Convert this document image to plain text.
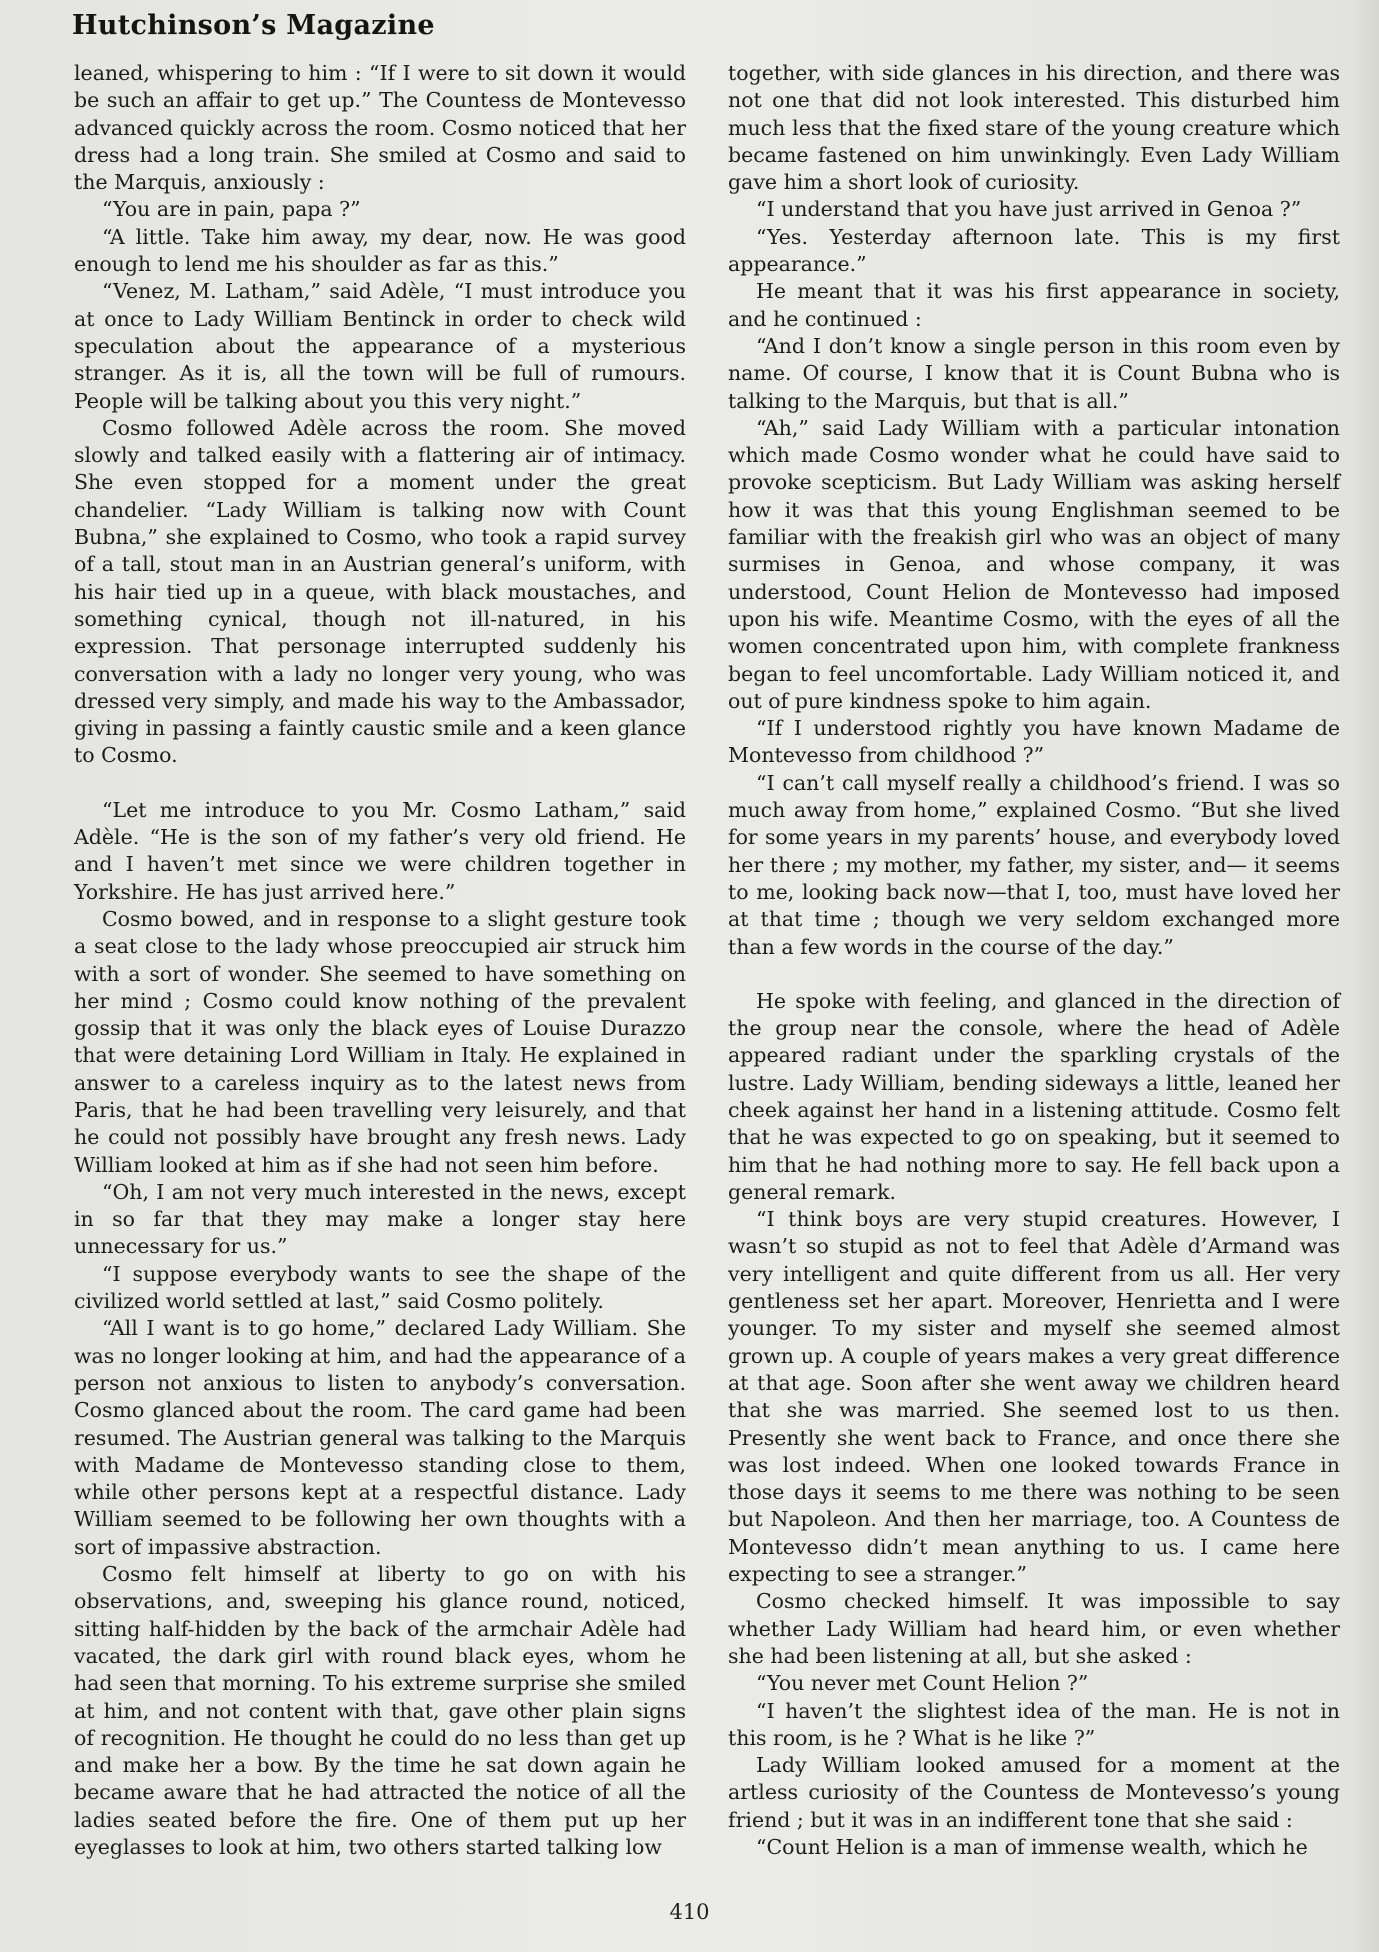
Hutchinson’s Magazine

leaned, whispering to him : “If I were to sit down it would be such an affair to get up.” The Countess de Montevesso advanced quickly across the room. Cosmo noticed that her dress had a long train. She smiled at Cosmo and said to the Marquis, anxiously :

“You are in pain, papa ?”

“A little. Take him away, my dear, now. He was good enough to lend me his shoulder as far as this.”

“Venez, M. Latham,” said Adèle, “I must introduce you at once to Lady William Bentinck in order to check wild speculation about the appearance of a mysterious stranger. As it is, all the town will be full of rumours. People will be talking about you this very night.”

Cosmo followed Adèle across the room. She moved slowly and talked easily with a flattering air of intimacy. She even stopped for a moment under the great chandelier. “Lady William is talking now with Count Bubna,” she explained to Cosmo, who took a rapid survey of a tall, stout man in an Austrian general’s uniform, with his hair tied up in a queue, with black moustaches, and something cynical, though not ill-natured, in his expression. That personage interrupted suddenly his conversation with a lady no longer very young, who was dressed very simply, and made his way to the Ambassador, giving in passing a faintly caustic smile and a keen glance to Cosmo.

“Let me introduce to you Mr. Cosmo Latham,” said Adèle. “He is the son of my father’s very old friend. He and I haven’t met since we were children together in Yorkshire. He has just arrived here.”

Cosmo bowed, and in response to a slight gesture took a seat close to the lady whose preoccupied air struck him with a sort of wonder. She seemed to have something on her mind ; Cosmo could know nothing of the prevalent gossip that it was only the black eyes of Louise Durazzo that were detaining Lord William in Italy. He explained in answer to a careless inquiry as to the latest news from Paris, that he had been travelling very leisurely, and that he could not possibly have brought any fresh news. Lady William looked at him as if she had not seen him before.

“Oh, I am not very much interested in the news, except in so far that they may make a longer stay here unnecessary for us.”

“I suppose everybody wants to see the shape of the civilized world settled at last,” said Cosmo politely.

“All I want is to go home,” declared Lady William. She was no longer looking at him, and had the appearance of a person not anxious to listen to anybody’s conversation. Cosmo glanced about the room. The card game had been resumed. The Austrian general was talking to the Marquis with Madame de Montevesso standing close to them, while other persons kept at a respectful distance. Lady William seemed to be following her own thoughts with a sort of impassive abstraction.

Cosmo felt himself at liberty to go on with his observations, and, sweeping his glance round, noticed, sitting half-hidden by the back of the armchair Adèle had vacated, the dark girl with round black eyes, whom he had seen that morning. To his extreme surprise she smiled at him, and not content with that, gave other plain signs of recognition. He thought he could do no less than get up and make her a bow. By the time he sat down again he became aware that he had attracted the notice of all the ladies seated before the fire. One of them put up her eyeglasses to look at him, two others started talking low

together, with side glances in his direction, and there was not one that did not look interested. This disturbed him much less that the fixed stare of the young creature which became fastened on him unwinkingly. Even Lady William gave him a short look of curiosity.

“I understand that you have just arrived in Genoa ?”

“Yes. Yesterday afternoon late. This is my first appearance.”

He meant that it was his first appearance in society, and he continued :

“And I don’t know a single person in this room even by name. Of course, I know that it is Count Bubna who is talking to the Marquis, but that is all.”

“Ah,” said Lady William with a particular intonation which made Cosmo wonder what he could have said to provoke scepticism. But Lady William was asking herself how it was that this young Englishman seemed to be familiar with the freakish girl who was an object of many surmises in Genoa, and whose company, it was understood, Count Helion de Montevesso had imposed upon his wife. Meantime Cosmo, with the eyes of all the women concentrated upon him, with complete frankness began to feel uncomfortable. Lady William noticed it, and out of pure kindness spoke to him again.

“If I understood rightly you have known Madame de Montevesso from childhood ?”

“I can’t call myself really a childhood’s friend. I was so much away from home,” explained Cosmo. “But she lived for some years in my parents’ house, and everybody loved her there ; my mother, my father, my sister, and— it seems to me, looking back now—that I, too, must have loved her at that time ; though we very seldom exchanged more than a few words in the course of the day.”

He spoke with feeling, and glanced in the direction of the group near the console, where the head of Adèle appeared radiant under the sparkling crystals of the lustre. Lady William, bending sideways a little, leaned her cheek against her hand in a listening attitude. Cosmo felt that he was expected to go on speaking, but it seemed to him that he had nothing more to say. He fell back upon a general remark.

“I think boys are very stupid creatures. However, I wasn’t so stupid as not to feel that Adèle d’Armand was very intelligent and quite different from us all. Her very gentleness set her apart. Moreover, Henrietta and I were younger. To my sister and myself she seemed almost grown up. A couple of years makes a very great difference at that age. Soon after she went away we children heard that she was married. She seemed lost to us then. Presently she went back to France, and once there she was lost indeed. When one looked towards France in those days it seems to me there was nothing to be seen but Napoleon. And then her marriage, too. A Countess de Montevesso didn’t mean anything to us. I came here expecting to see a stranger.”

Cosmo checked himself. It was impossible to say whether Lady William had heard him, or even whether she had been listening at all, but she asked :

“You never met Count Helion ?”

“I haven’t the slightest idea of the man. He is not in this room, is he ? What is he like ?”

Lady William looked amused for a moment at the artless curiosity of the Countess de Montevesso’s young friend ; but it was in an indifferent tone that she said :

“Count Helion is a man of immense wealth, which he

410
